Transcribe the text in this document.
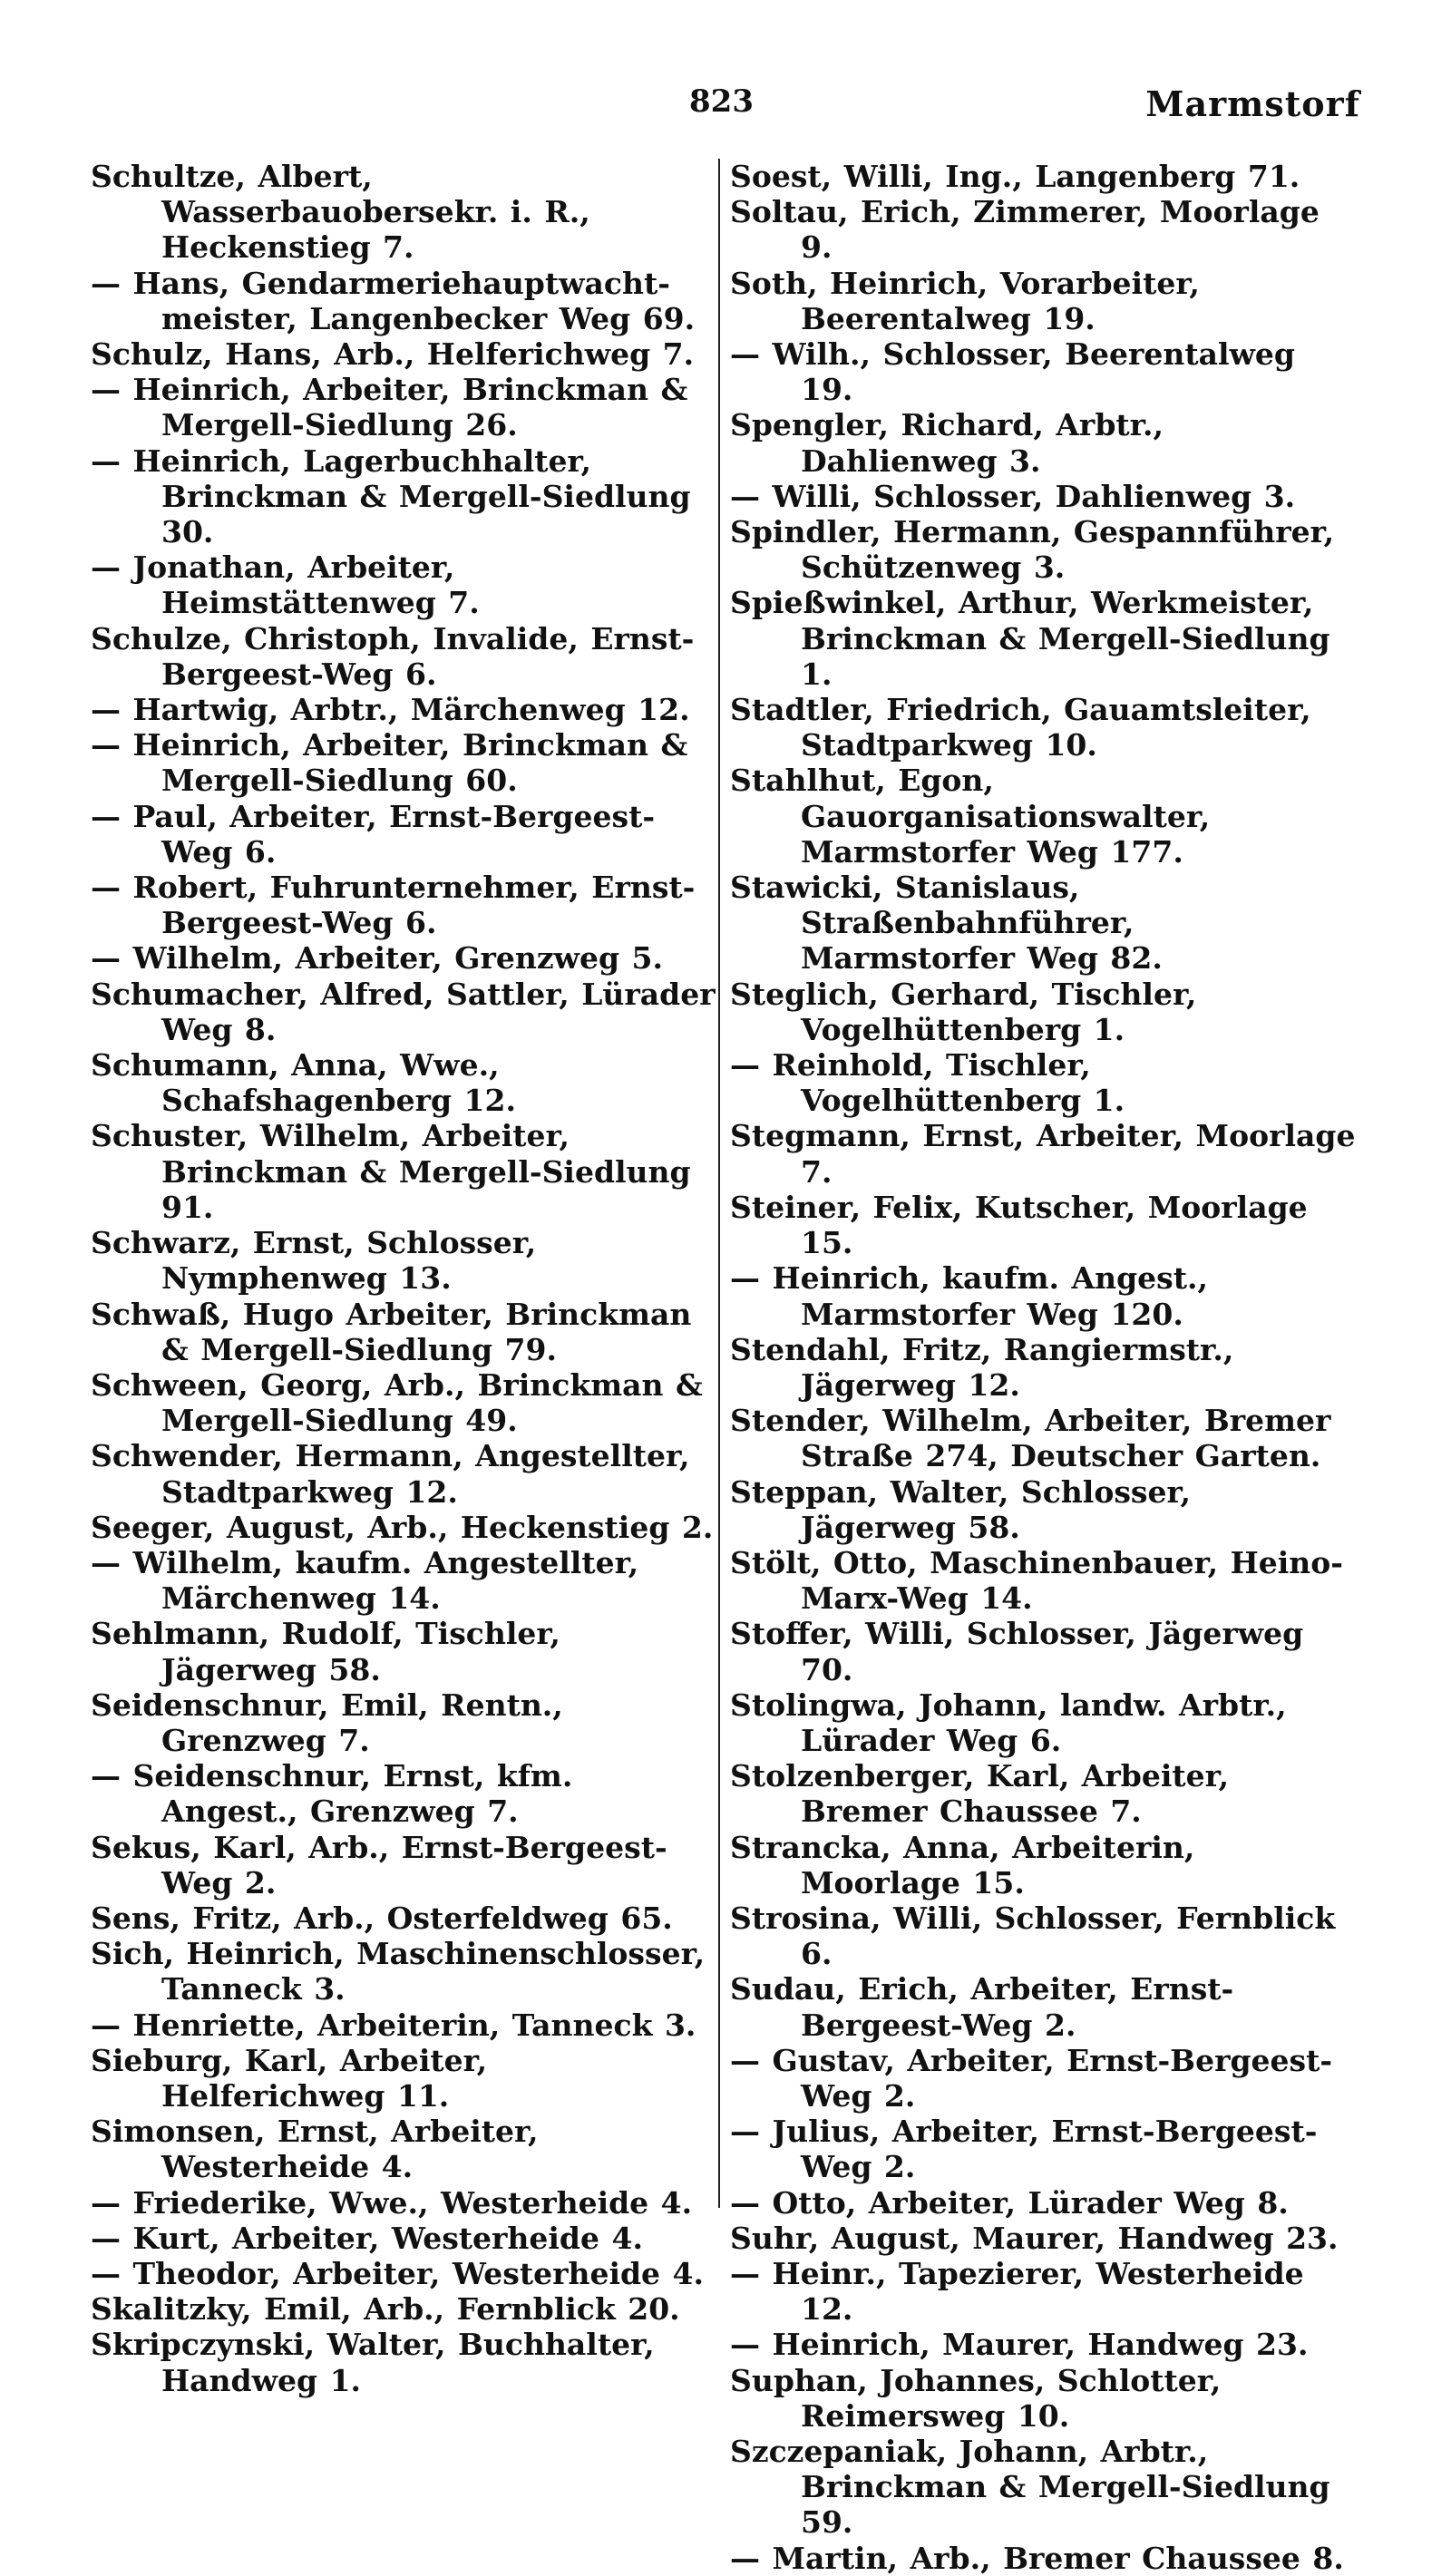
823	Marmstorf
Schultze, Albert, Wasserbauobersekr. i. R., Heckenstieg 7.
— Hans, Gendarmeriehauptwacht-meister, Langenbecker Weg 69.
Schulz, Hans, Arb., Helferichweg 7.
— Heinrich, Arbeiter, Brinckman & Mergell-Siedlung 26.
— Heinrich, Lagerbuchhalter, Brinckman & Mergell-Siedlung 30.
— Jonathan, Arbeiter, Heimstättenweg 7.
Schulze, Christoph, Invalide, Ernst-Bergeest-Weg 6.
— Hartwig, Arbtr., Märchenweg 12.
— Heinrich, Arbeiter, Brinckman & Mergell-Siedlung 60.
— Paul, Arbeiter, Ernst-Bergeest-Weg 6.
— Robert, Fuhrunternehmer, Ernst-Bergeest-Weg 6.
— Wilhelm, Arbeiter, Grenzweg 5.
Schumacher, Alfred, Sattler, Lürader Weg 8.
Schumann, Anna, Wwe., Schafshagenberg 12.
Schuster, Wilhelm, Arbeiter, Brinckman & Mergell-Siedlung 91.
Schwarz, Ernst, Schlosser, Nymphenweg 13.
Schwaß, Hugo Arbeiter, Brinckman & Mergell-Siedlung 79.
Schween, Georg, Arb., Brinckman & Mergell-Siedlung 49.
Schwender, Hermann, Angestellter, Stadtparkweg 12.
Seeger, August, Arb., Heckenstieg 2.
— Wilhelm, kaufm. Angestellter, Märchenweg 14.
Sehlmann, Rudolf, Tischler, Jägerweg 58.
Seidenschnur, Emil, Rentn., Grenzweg 7.
— Seidenschnur, Ernst, kfm. Angest., Grenzweg 7.
Sekus, Karl, Arb., Ernst-Bergeest-Weg 2.
Sens, Fritz, Arb., Osterfeldweg 65.
Sich, Heinrich, Maschinenschlosser, Tanneck 3.
— Henriette, Arbeiterin, Tanneck 3.
Sieburg, Karl, Arbeiter, Helferichweg 11.
Simonsen, Ernst, Arbeiter, Westerheide 4.
— Friederike, Wwe., Westerheide 4.
— Kurt, Arbeiter, Westerheide 4.
— Theodor, Arbeiter, Westerheide 4.
Skalitzky, Emil, Arb., Fernblick 20.
Skripczynski, Walter, Buchhalter, Handweg 1.
Soest, Willi, Ing., Langenberg 71.
Soltau, Erich, Zimmerer, Moorlage 9.
Soth, Heinrich, Vorarbeiter, Beerentalweg 19.
— Wilh., Schlosser, Beerentalweg 19.
Spengler, Richard, Arbtr., Dahlienweg 3.
— Willi, Schlosser, Dahlienweg 3.
Spindler, Hermann, Gespannführer, Schützenweg 3.
Spießwinkel, Arthur, Werkmeister, Brinckman & Mergell-Siedlung 1.
Stadtler, Friedrich, Gauamtsleiter, Stadtparkweg 10.
Stahlhut, Egon, Gauorganisationswalter, Marmstorfer Weg 177.
Stawicki, Stanislaus, Straßenbahnführer, Marmstorfer Weg 82.
Steglich, Gerhard, Tischler, Vogelhüttenberg 1.
— Reinhold, Tischler, Vogelhüttenberg 1.
Stegmann, Ernst, Arbeiter, Moorlage 7.
Steiner, Felix, Kutscher, Moorlage 15.
— Heinrich, kaufm. Angest., Marmstorfer Weg 120.
Stendahl, Fritz, Rangiermstr., Jägerweg 12.
Stender, Wilhelm, Arbeiter, Bremer Straße 274, Deutscher Garten.
Steppan, Walter, Schlosser, Jägerweg 58.
Stölt, Otto, Maschinenbauer, Heino-Marx-Weg 14.
Stoffer, Willi, Schlosser, Jägerweg 70.
Stolingwa, Johann, landw. Arbtr., Lürader Weg 6.
Stolzenberger, Karl, Arbeiter, Bremer Chaussee 7.
Strancka, Anna, Arbeiterin, Moorlage 15.
Strosina, Willi, Schlosser, Fernblick 6.
Sudau, Erich, Arbeiter, Ernst-Bergeest-Weg 2.
— Gustav, Arbeiter, Ernst-Bergeest-Weg 2.
— Julius, Arbeiter, Ernst-Bergeest-Weg 2.
— Otto, Arbeiter, Lürader Weg 8.
Suhr, August, Maurer, Handweg 23.
— Heinr., Tapezierer, Westerheide 12.
— Heinrich, Maurer, Handweg 23.
Suphan, Johannes, Schlotter, Reimersweg 10.
Szczepaniak, Johann, Arbtr., Brinckman & Mergell-Siedlung 59.
— Martin, Arb., Bremer Chaussee 8.
